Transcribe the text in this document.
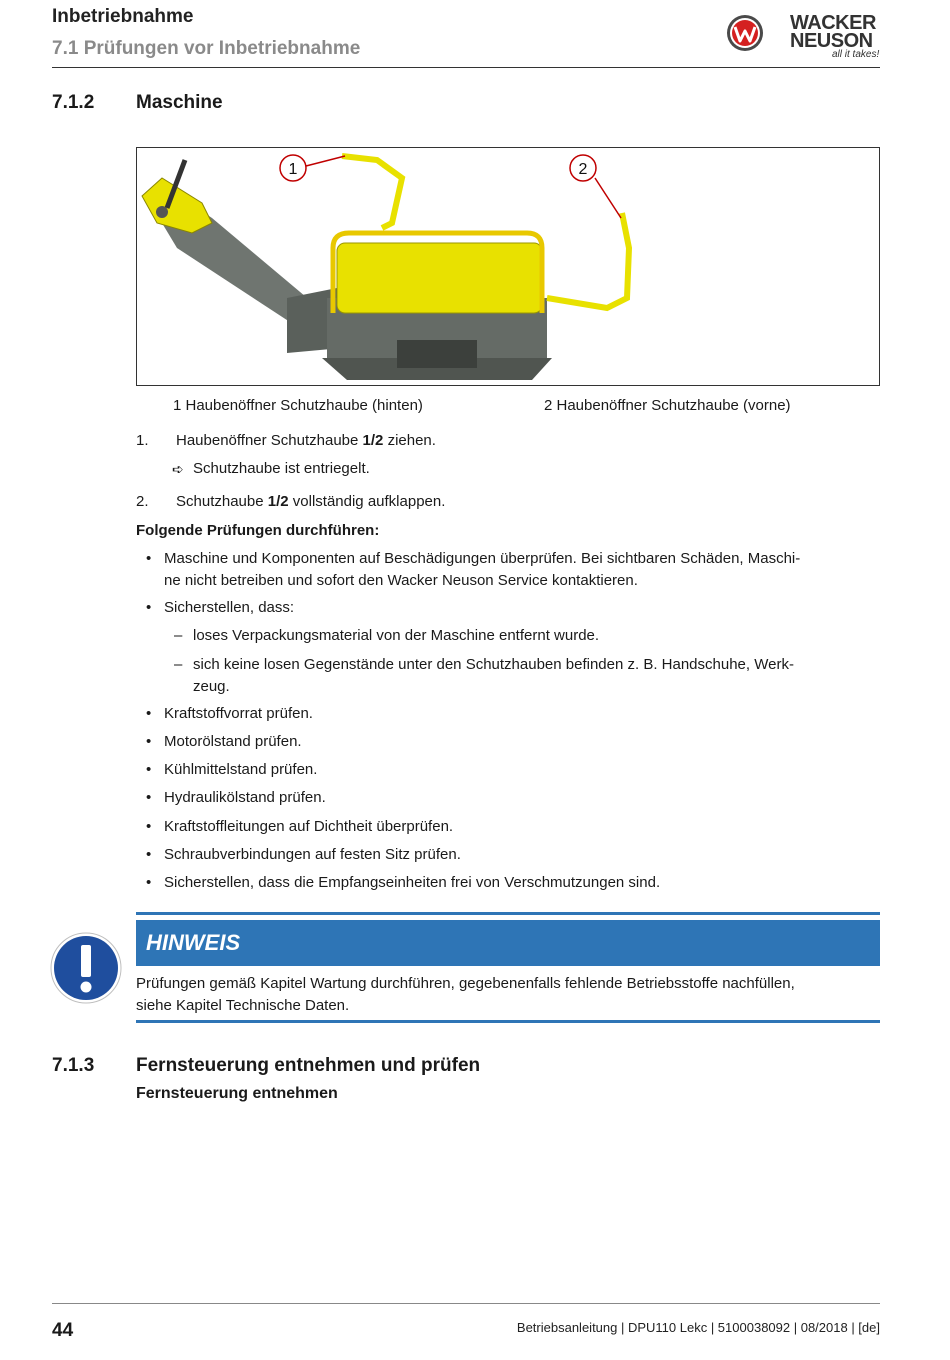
Inbetriebnahme
7.1 Prüfungen vor Inbetriebnahme
WACKER
NEUSON
all it takes!
7.1.2 Maschine
1	2
1 Haubenöffner Schutzhaube (hinten)	2 Haubenöffner Schutzhaube (vorne)
1. Haubenöffner Schutzhaube 1/2 ziehen.
➪ Schutzhaube ist entriegelt.
2. Schutzhaube 1/2 vollständig aufklappen.
Folgende Prüfungen durchführen:
• Maschine und Komponenten auf Beschädigungen überprüfen. Bei sichtbaren Schäden, Maschi-
ne nicht betreiben und sofort den Wacker Neuson Service kontaktieren.
• Sicherstellen, dass:
– loses Verpackungsmaterial von der Maschine entfernt wurde.
– sich keine losen Gegenstände unter den Schutzhauben befinden z. B. Handschuhe, Werk-
zeug.
• Kraftstoffvorrat prüfen.
• Motorölstand prüfen.
• Kühlmittelstand prüfen.
• Hydraulikölstand prüfen.
• Kraftstoffleitungen auf Dichtheit überprüfen.
• Schraubverbindungen auf festen Sitz prüfen.
• Sicherstellen, dass die Empfangseinheiten frei von Verschmutzungen sind.
HINWEIS
Prüfungen gemäß Kapitel Wartung durchführen, gegebenenfalls fehlende Betriebsstoffe nachfüllen,
siehe Kapitel Technische Daten.
7.1.3 Fernsteuerung entnehmen und prüfen
Fernsteuerung entnehmen
44	Betriebsanleitung | DPU110 Lekc | 5100038092 | 08/2018 | [de]
